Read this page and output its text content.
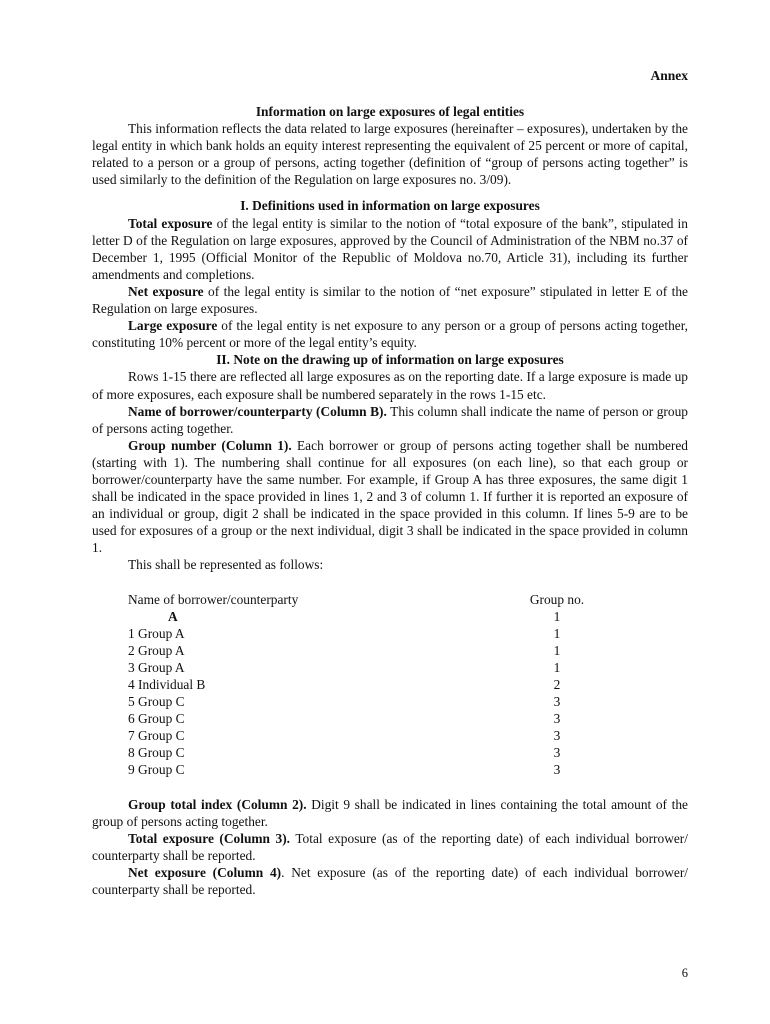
Annex

Information on large exposures of legal entities

This information reflects the data related to large exposures (hereinafter – exposures), undertaken by the legal entity in which bank holds an equity interest representing the equivalent of 25 percent or more of capital, related to a person or a group of persons, acting together (definition of “group of persons acting together” is used similarly to the definition of the Regulation on large exposures no. 3/09).

I. Definitions used in information on large exposures

Total exposure of the legal entity is similar to the notion of “total exposure of the bank”, stipulated in letter D of the Regulation on large exposures, approved by the Council of Administration of the NBM no.37 of December 1, 1995 (Official Monitor of the Republic of Moldova no.70, Article 31), including its further amendments and completions.

Net exposure of the legal entity is similar to the notion of “net exposure” stipulated in letter E of the Regulation on large exposures.

Large exposure of the legal entity is net exposure to any person or a group of persons acting together, constituting 10% percent or more of the legal entity’s equity.

II. Note on the drawing up of information on large exposures

Rows 1-15 there are reflected all large exposures as on the reporting date. If a large exposure is made up of more exposures, each exposure shall be numbered separately in the rows 1-15 etc.

Name of borrower/counterparty (Column B). This column shall indicate the name of person or group of persons acting together.

Group number (Column 1). Each borrower or group of persons acting together shall be numbered (starting with 1). The numbering shall continue for all exposures (on each line), so that each group or borrower/counterparty have the same number. For example, if Group A has three exposures, the same digit 1 shall be indicated in the space provided in lines 1, 2 and 3 of column 1. If further it is reported an exposure of an individual or group, digit 2 shall be indicated in the space provided in this column. If lines 5-9 are to be used for exposures of a group or the next individual, digit 3 shall be indicated in the space provided in column 1.

This shall be represented as follows:

Name of borrower/counterparty	Group no.
A	1
1 Group A	1
2 Group A	1
3 Group A	1
4 Individual B	2
5 Group C	3
6 Group C	3
7 Group C	3
8 Group C	3
9 Group C	3

Group total index (Column 2). Digit 9 shall be indicated in lines containing the total amount of the group of persons acting together.

Total exposure (Column 3). Total exposure (as of the reporting date) of each individual borrower/ counterparty shall be reported.

Net exposure (Column 4). Net exposure (as of the reporting date) of each individual borrower/ counterparty shall be reported.

6
